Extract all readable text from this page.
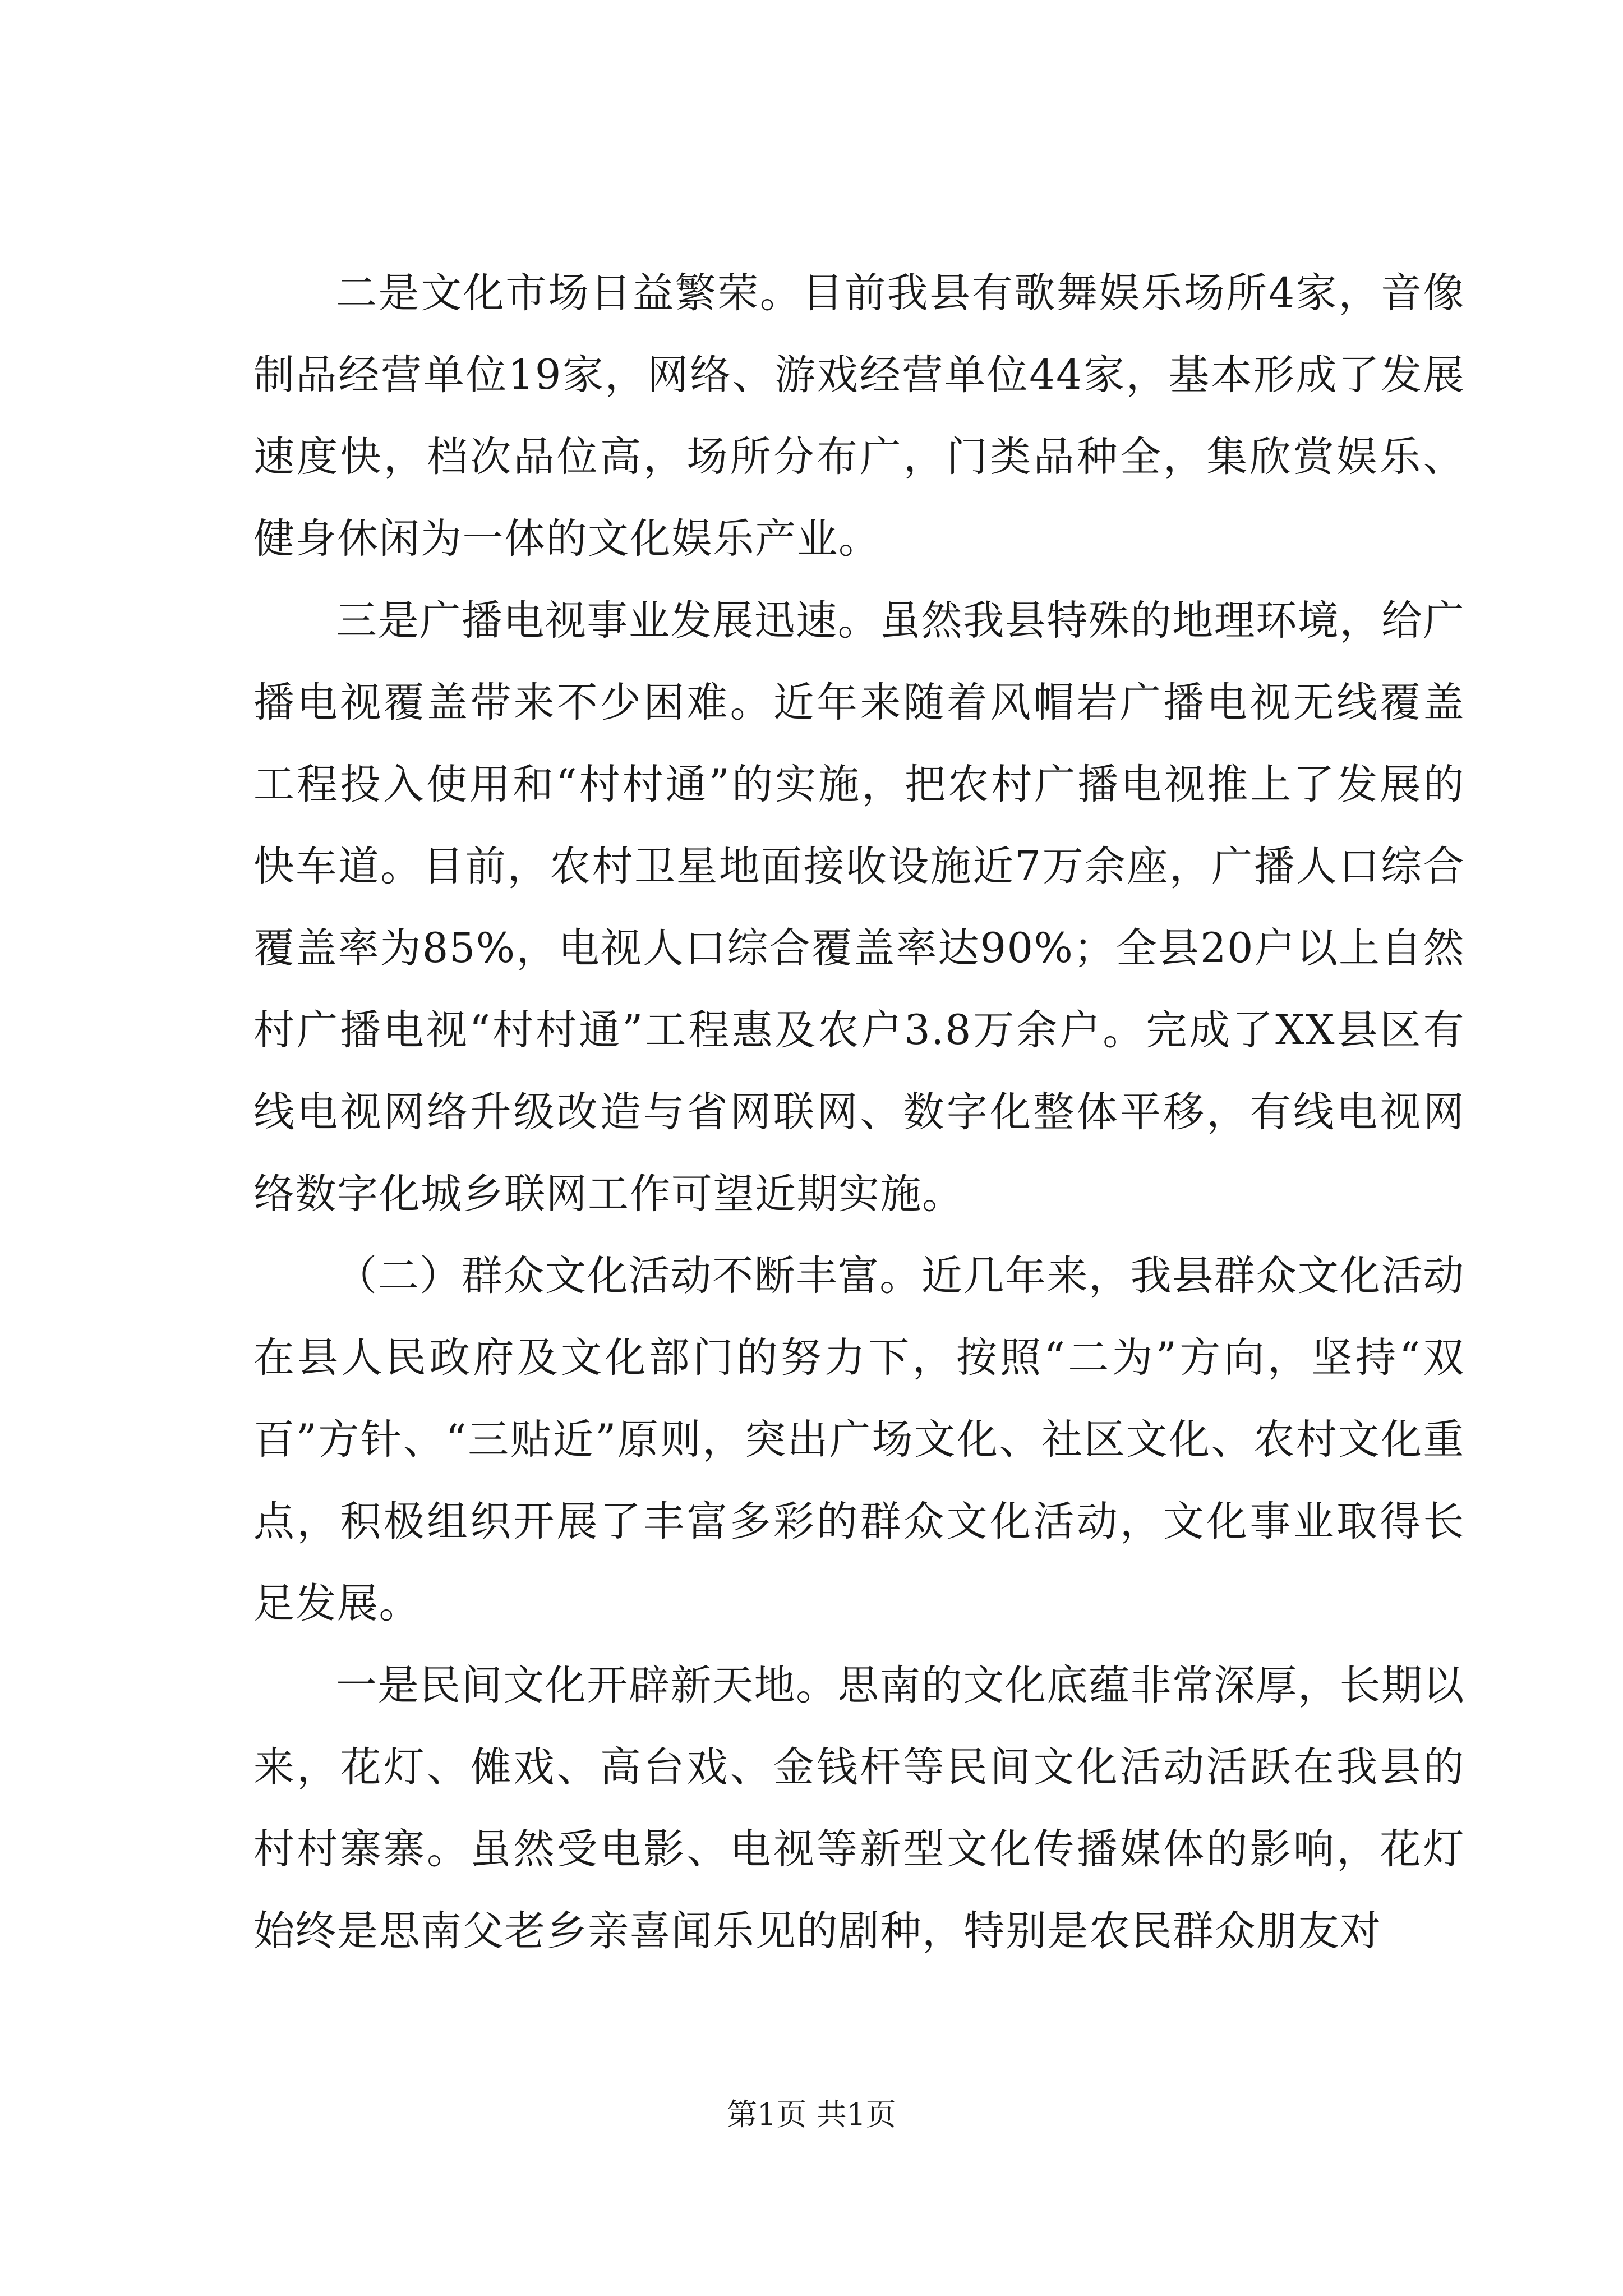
二是文化市场日益繁荣。目前我县有歌舞娱乐场所4家，音像制品经营单位19家，网络、游戏经营单位44家，基本形成了发展速度快，档次品位高，场所分布广，门类品种全，集欣赏娱乐、健身休闲为一体的文化娱乐产业。

三是广播电视事业发展迅速。虽然我县特殊的地理环境，给广播电视覆盖带来不少困难。近年来随着风帽岩广播电视无线覆盖工程投入使用和“村村通”的实施，把农村广播电视推上了发展的快车道。目前，农村卫星地面接收设施近7万余座，广播人口综合覆盖率为85%，电视人口综合覆盖率达90%；全县20户以上自然村广播电视“村村通”工程惠及农户3.8万余户。完成了XX县区有线电视网络升级改造与省网联网、数字化整体平移，有线电视网络数字化城乡联网工作可望近期实施。

（二）群众文化活动不断丰富。近几年来，我县群众文化活动在县人民政府及文化部门的努力下，按照“二为”方向，坚持“双百”方针、“三贴近”原则，突出广场文化、社区文化、农村文化重点，积极组织开展了丰富多彩的群众文化活动，文化事业取得长足发展。

一是民间文化开辟新天地。思南的文化底蕴非常深厚，长期以来，花灯、傩戏、高台戏、金钱杆等民间文化活动活跃在我县的村村寨寨。虽然受电影、电视等新型文化传播媒体的影响，花灯始终是思南父老乡亲喜闻乐见的剧种，特别是农民群众朋友对

第1页 共1页
